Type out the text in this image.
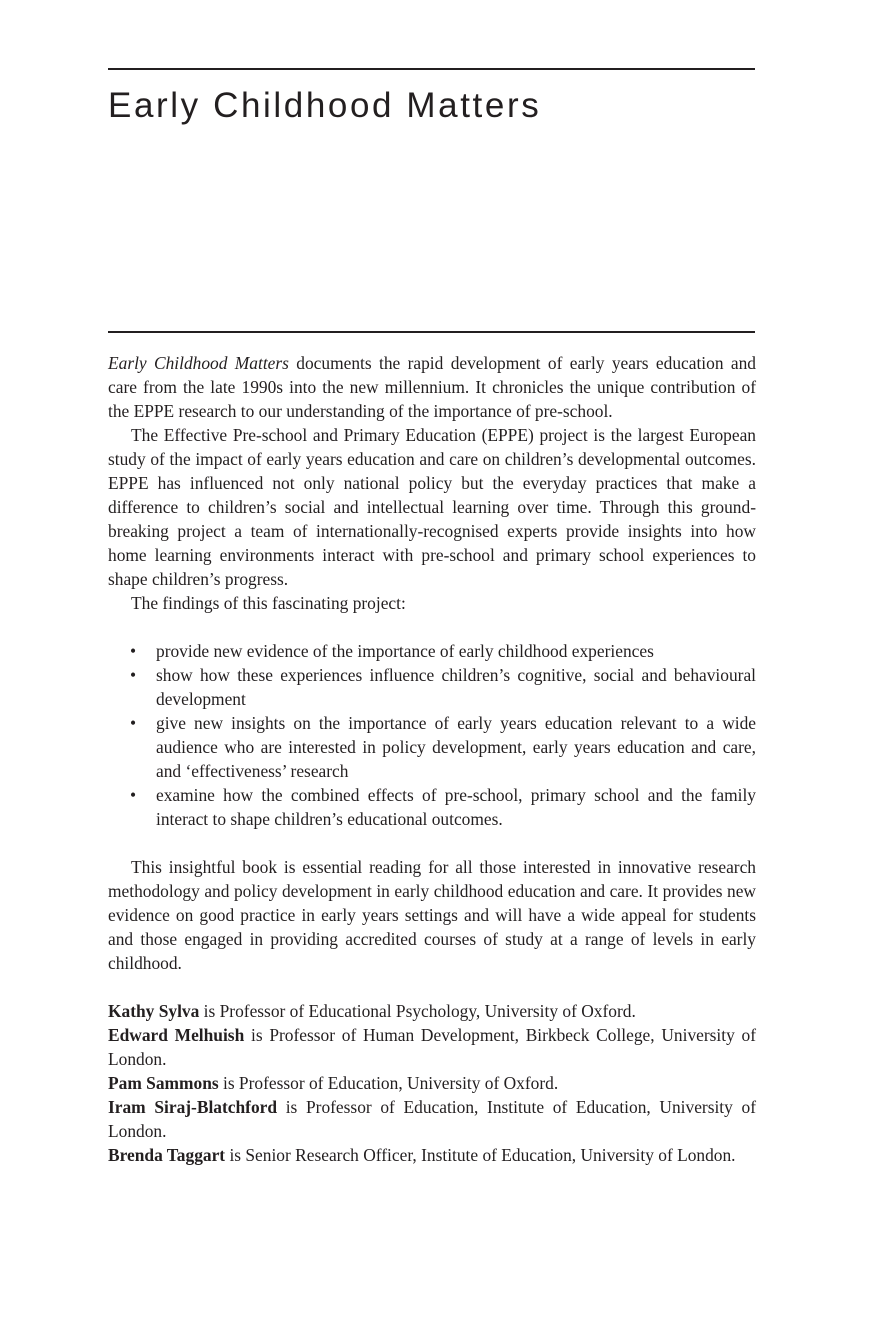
Early Childhood Matters

Early Childhood Matters documents the rapid development of early years education and care from the late 1990s into the new millennium. It chronicles the unique contribution of the EPPE research to our understanding of the importance of pre-school.

The Effective Pre-school and Primary Education (EPPE) project is the largest European study of the impact of early years education and care on children’s developmental outcomes. EPPE has influenced not only national policy but the everyday practices that make a difference to children’s social and intellectual learning over time. Through this ground-breaking project a team of internationally-recognised experts provide insights into how home learning environments interact with pre-school and primary school experiences to shape children’s progress.

The findings of this fascinating project:

• provide new evidence of the importance of early childhood experiences
• show how these experiences influence children’s cognitive, social and behavioural development
• give new insights on the importance of early years education relevant to a wide audience who are interested in policy development, early years education and care, and ‘effectiveness’ research
• examine how the combined effects of pre-school, primary school and the family interact to shape children’s educational outcomes.

This insightful book is essential reading for all those interested in innovative research methodology and policy development in early childhood education and care. It provides new evidence on good practice in early years settings and will have a wide appeal for students and those engaged in providing accredited courses of study at a range of levels in early childhood.

Kathy Sylva is Professor of Educational Psychology, University of Oxford.

Edward Melhuish is Professor of Human Development, Birkbeck College, University of London.

Pam Sammons is Professor of Education, University of Oxford.

Iram Siraj-Blatchford is Professor of Education, Institute of Education, University of London.

Brenda Taggart is Senior Research Officer, Institute of Education, University of London.
